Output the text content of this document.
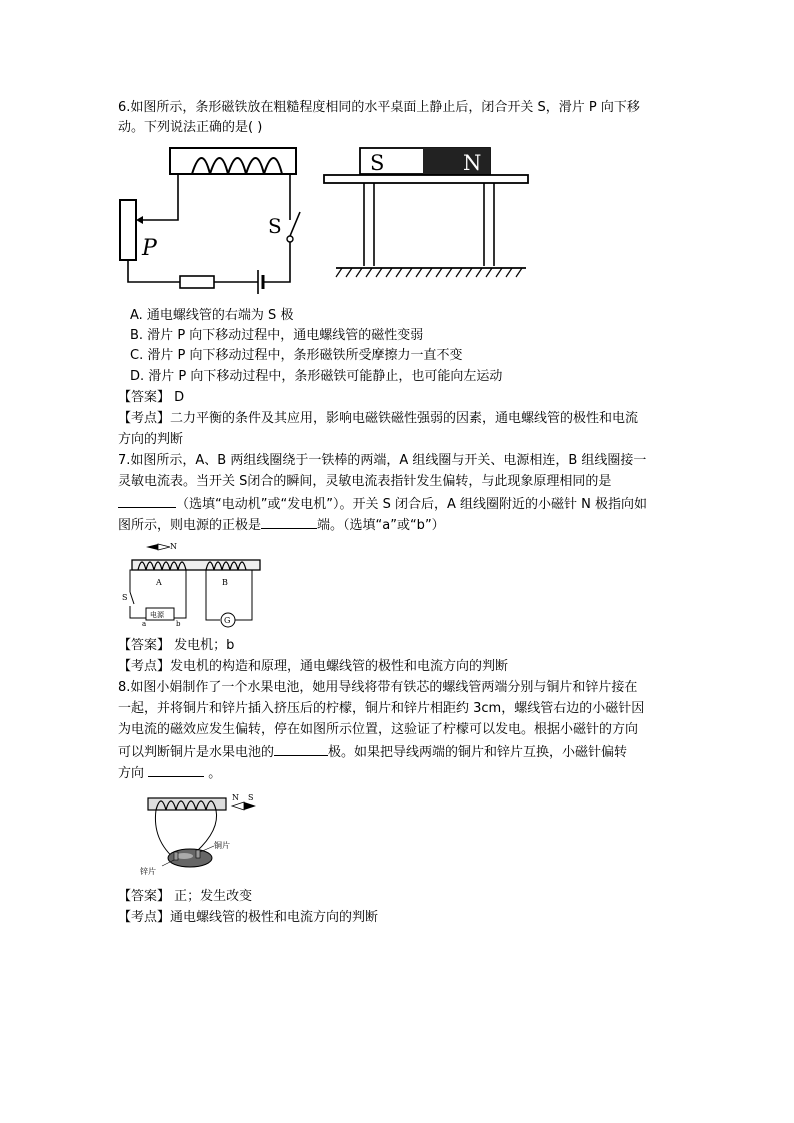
6.如图所示，条形磁铁放在粗糙程度相同的水平桌面上静止后，闭合开关 S，滑片 P 向下移
动。下列说法正确的是( )
P
S
S	N
A. 通电螺线管的右端为 S 极
B. 滑片 P 向下移动过程中，通电螺线管的磁性变弱
C. 滑片 P 向下移动过程中，条形磁铁所受摩擦力一直不变
D. 滑片 P 向下移动过程中，条形磁铁可能静止，也可能向左运动
【答案】 D
【考点】二力平衡的条件及其应用，影响电磁铁磁性强弱的因素，通电螺线管的极性和电流
方向的判断
7.如图所示，A、B 两组线圈绕于一铁棒的两端，A 组线圈与开关、电源相连，B 组线圈接一
灵敏电流表。当开关 S闭合的瞬间，灵敏电流表指针发生偏转，与此现象原理相同的是
（选填“电动机”或“发电机”）。开关 S 闭合后，A 组线圈附近的小磁针 N 极指向如
图所示，则电源的正极是	端。（选填“a”或“b”）
N
A	B
S
电源
a	b	G
【答案】 发电机；b
【考点】发电机的构造和原理，通电螺线管的极性和电流方向的判断
8.如图小娟制作了一个水果电池，她用导线将带有铁芯的螺线管两端分别与铜片和锌片接在
一起，并将铜片和锌片插入挤压后的柠檬，铜片和锌片相距约 3cm，螺线管右边的小磁针因
为电流的磁效应发生偏转，停在如图所示位置，这验证了柠檬可以发电。根据小磁针的方向
可以判断铜片是水果电池的	极。如果把导线两端的铜片和锌片互换，小磁针偏转
方向	。
N S
铜片
锌片
【答案】 正；发生改变
【考点】通电螺线管的极性和电流方向的判断
